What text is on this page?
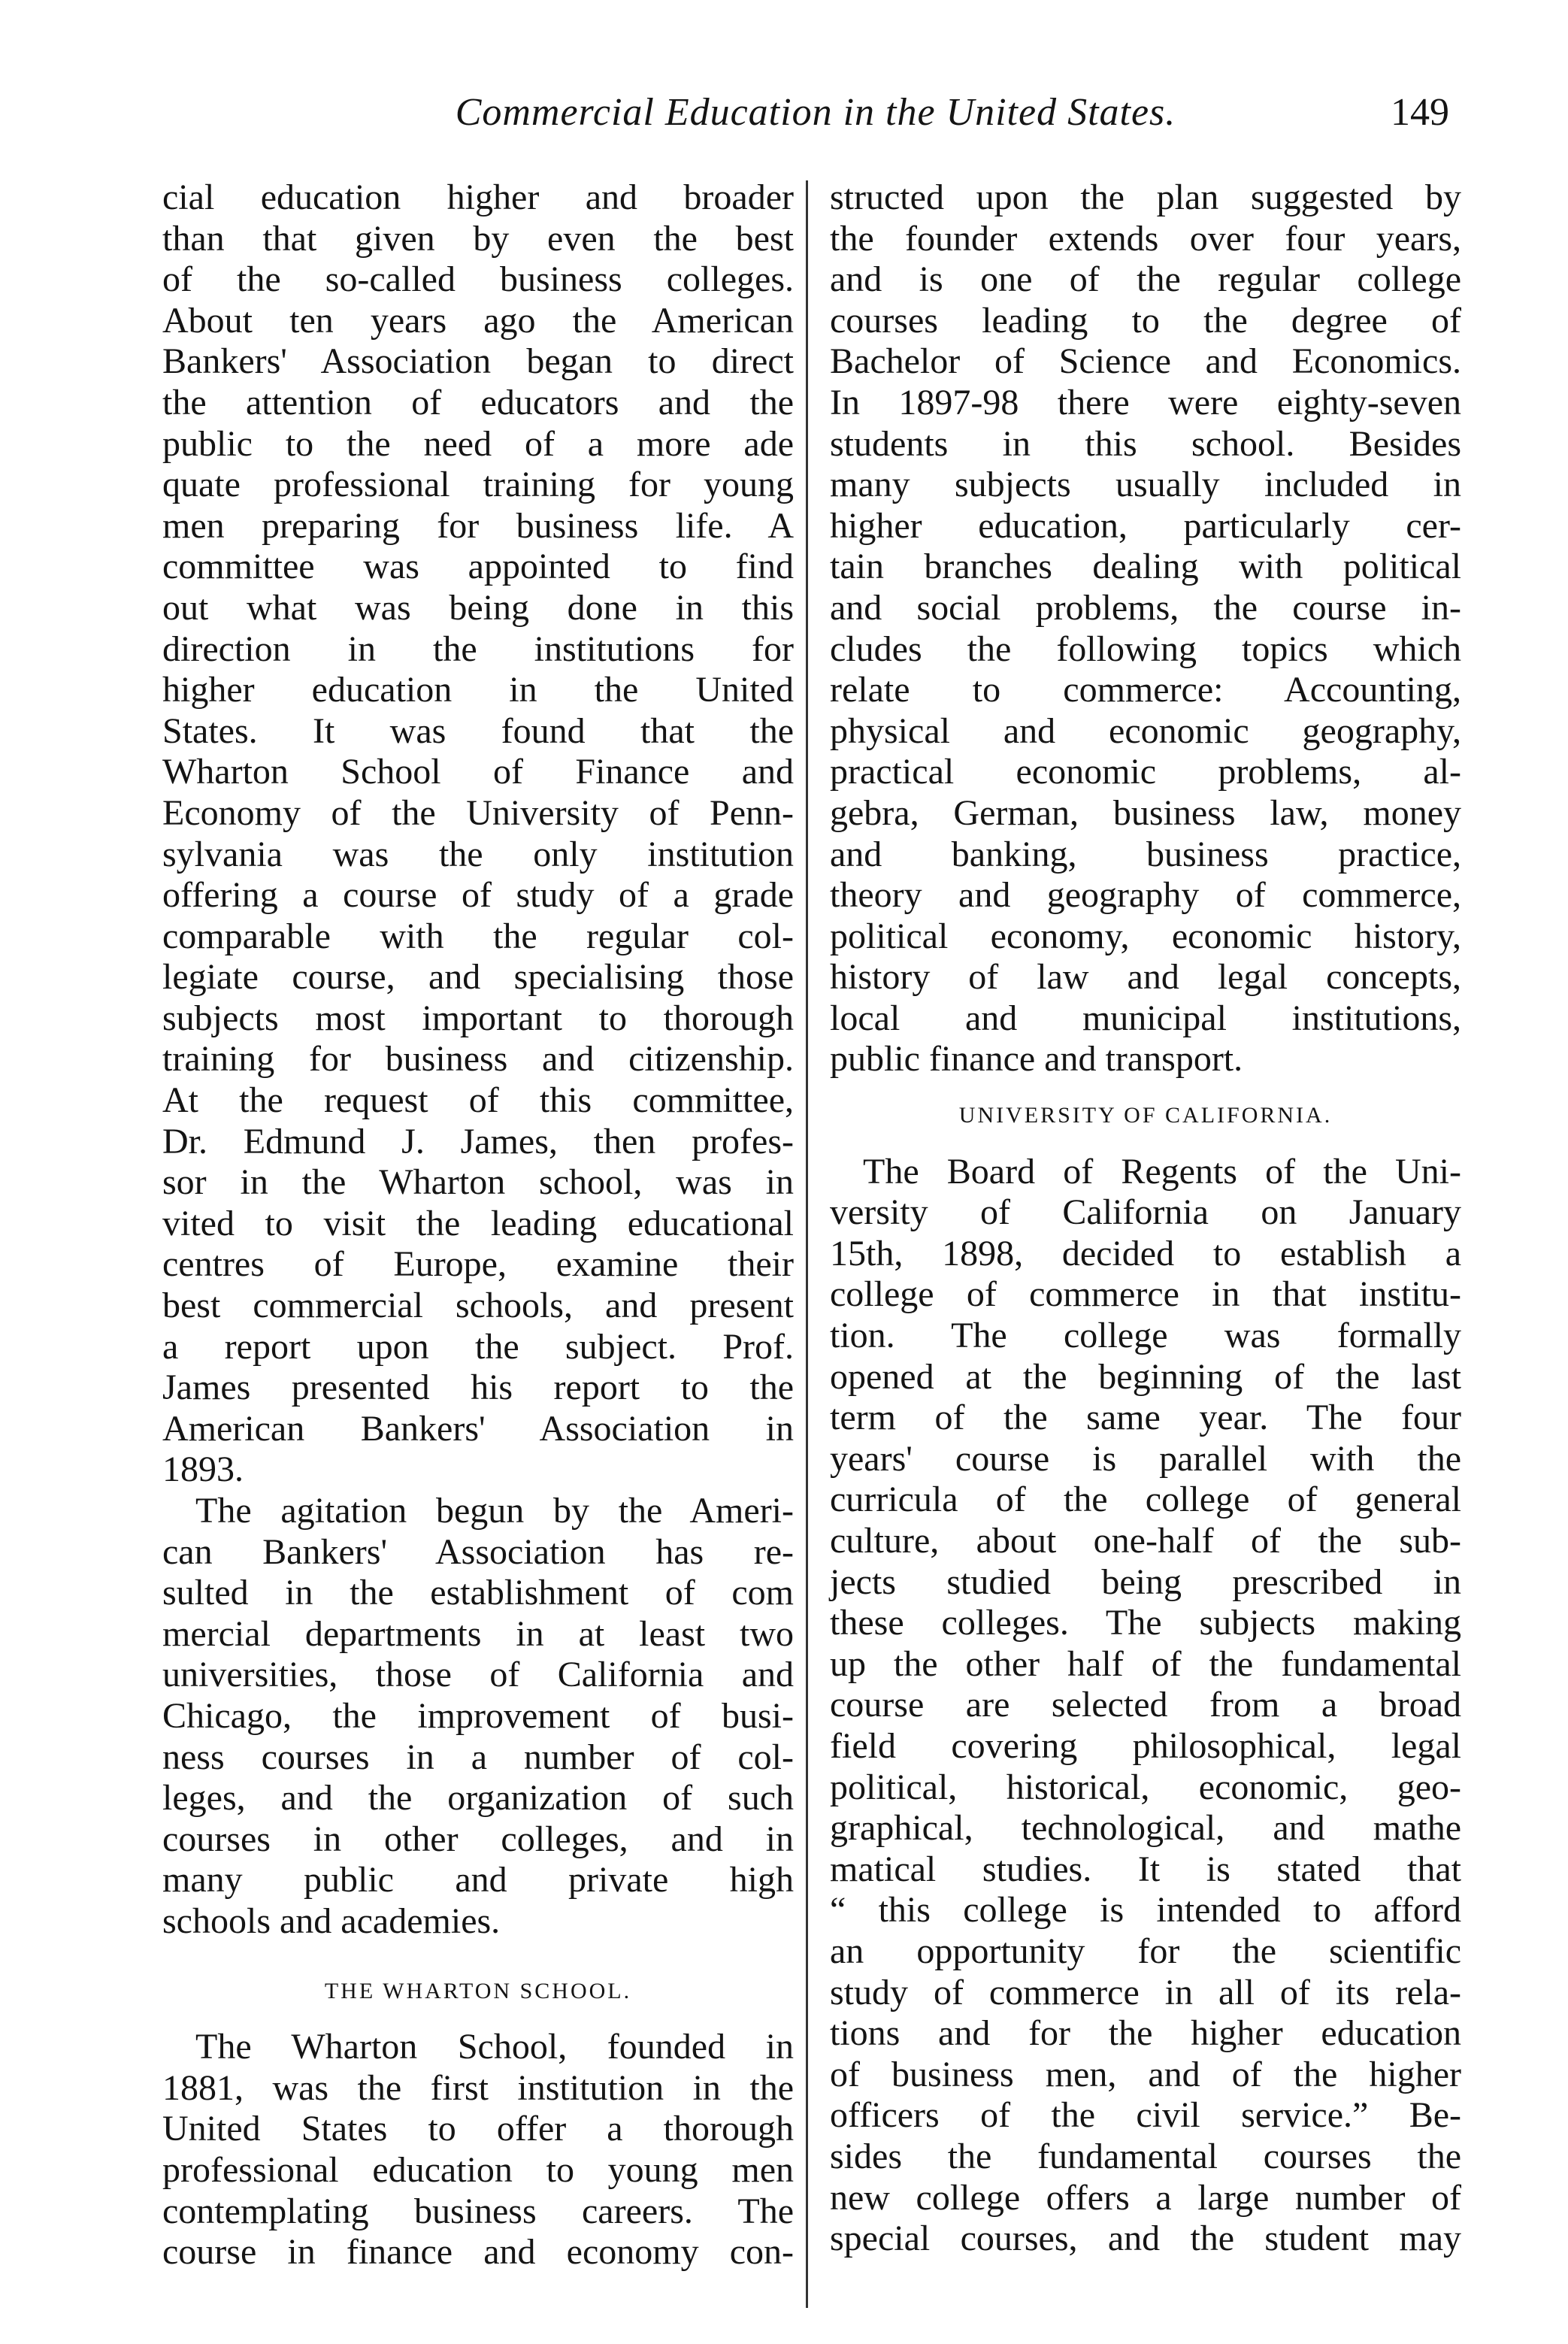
Commercial Education in the United States.	149
cial education higher and broader
than that given by even the best
of the so-called business colleges.
About ten years ago the American
Bankers' Association began to direct
the attention of educators and the
public to the need of a more ade
quate professional training for young
men preparing for business life. A
committee was appointed to find
out what was being done in this
direction in the institutions for
higher education in the United
States. It was found that the
Wharton School of Finance and
Economy of the University of Penn-
sylvania was the only institution
offering a course of study of a grade
comparable with the regular col-
legiate course, and specialising those
subjects most important to thorough
training for business and citizenship.
At the request of this committee,
Dr. Edmund J. James, then profes-
sor in the Wharton school, was in
vited to visit the leading educational
centres of Europe, examine their
best commercial schools, and present
a report upon the subject. Prof.
James presented his report to the
American Bankers' Association in
1893.
The agitation begun by the Ameri-
can Bankers' Association has re-
sulted in the establishment of com
mercial departments in at least two
universities, those of California and
Chicago, the improvement of busi-
ness courses in a number of col-
leges, and the organization of such
courses in other colleges, and in
many public and private high
schools and academies.
THE WHARTON SCHOOL.
The Wharton School, founded in
1881, was the first institution in the
United States to offer a thorough
professional education to young men
contemplating business careers. The
course in finance and economy con-
structed upon the plan suggested by
the founder extends over four years,
and is one of the regular college
courses leading to the degree of
Bachelor of Science and Economics.
In 1897-98 there were eighty-seven
students in this school. Besides
many subjects usually included in
higher education, particularly cer-
tain branches dealing with political
and social problems, the course in-
cludes the following topics which
relate to commerce: Accounting,
physical and economic geography,
practical economic problems, al-
gebra, German, business law, money
and banking, business practice,
theory and geography of commerce,
political economy, economic history,
history of law and legal concepts,
local and municipal institutions,
public finance and transport.
UNIVERSITY OF CALIFORNIA.
The Board of Regents of the Uni-
versity of California on January
15th, 1898, decided to establish a
college of commerce in that institu-
tion. The college was formally
opened at the beginning of the last
term of the same year. The four
years' course is parallel with the
curricula of the college of general
culture, about one-half of the sub-
jects studied being prescribed in
these colleges. The subjects making
up the other half of the fundamental
course are selected from a broad
field covering philosophical, legal
political, historical, economic, geo-
graphical, technological, and mathe
matical studies. It is stated that
“ this college is intended to afford
an opportunity for the scientific
study of commerce in all of its rela-
tions and for the higher education
of business men, and of the higher
officers of the civil service.” Be-
sides the fundamental courses the
new college offers a large number of
special courses, and the student may
